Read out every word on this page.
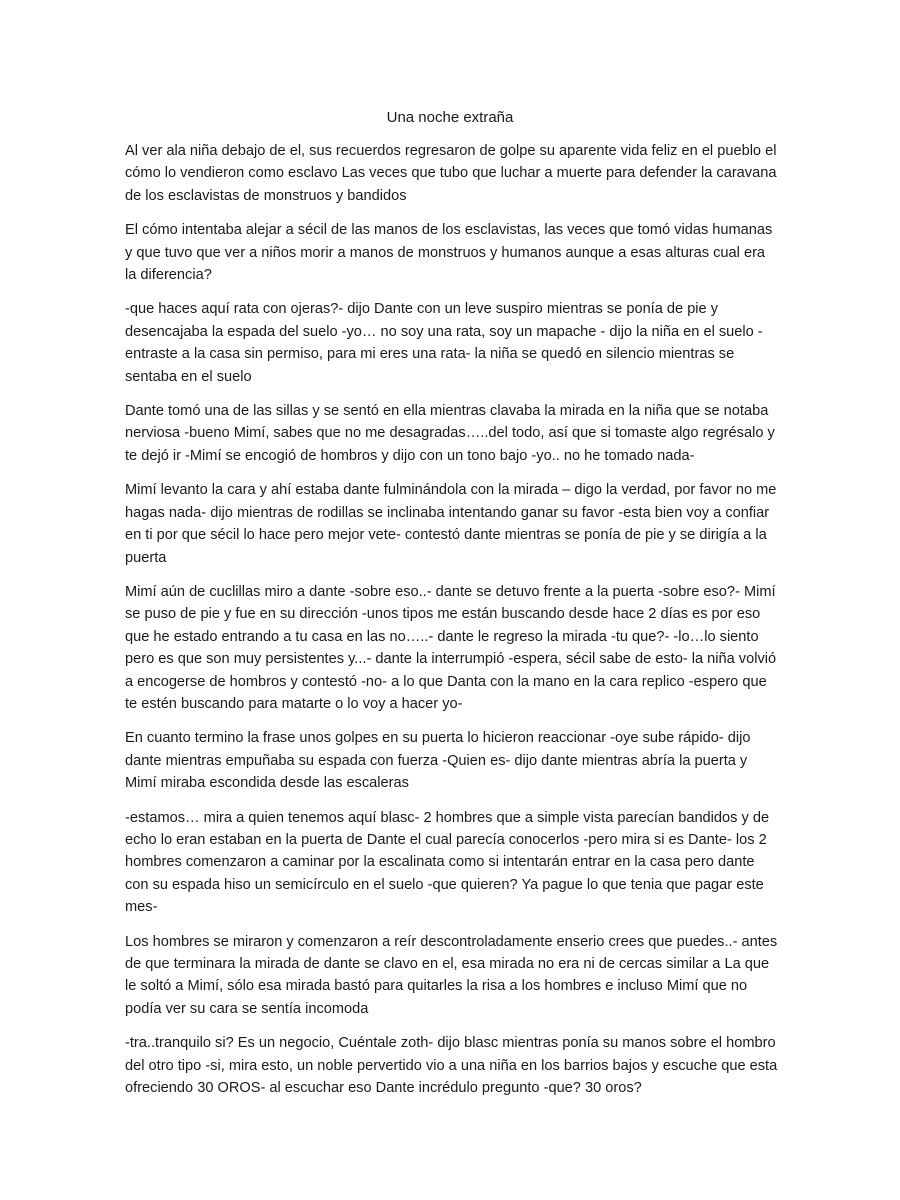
Una noche extraña

Al ver ala niña debajo de el, sus recuerdos regresaron de golpe su aparente vida feliz en el pueblo el cómo lo vendieron como esclavo Las veces que tubo que luchar a muerte para defender la caravana de los esclavistas de monstruos y bandidos

El cómo intentaba alejar a sécil de las manos de los esclavistas, las veces que tomó vidas humanas y que tuvo que ver a niños morir a manos de monstruos y humanos aunque a esas alturas cual era la diferencia?

-que haces aquí rata con ojeras?- dijo Dante con un leve suspiro mientras se ponía de pie y desencajaba la espada del suelo -yo… no soy una rata, soy un mapache - dijo la niña en el suelo -entraste a la casa sin permiso, para mi eres una rata- la niña se quedó en silencio mientras se sentaba en el suelo

Dante tomó una de las sillas y se sentó en ella mientras clavaba la mirada en la niña que se notaba nerviosa -bueno Mimí, sabes que no me desagradas…..del todo, así que si tomaste algo regrésalo y te dejó ir -Mimí se encogió de hombros y dijo con un tono bajo -yo.. no he tomado nada-

Mimí levanto la cara y ahí estaba dante fulminándola con la mirada – digo la verdad, por favor no me hagas nada- dijo mientras de rodillas se inclinaba intentando ganar su favor -esta bien voy a confiar en ti por que sécil lo hace pero mejor vete- contestó dante mientras se ponía de pie y se dirigía a la puerta

Mimí aún de cuclillas miro a dante -sobre eso..- dante se detuvo frente a la puerta -sobre eso?- Mimí se puso de pie y fue en su dirección -unos tipos me están buscando desde hace 2 días es por eso que he estado entrando a tu casa en las no…..- dante le regreso la mirada -tu que?- -lo…lo siento pero es que son muy persistentes y...- dante la interrumpió -espera, sécil sabe de esto- la niña volvió a encogerse de hombros y contestó -no- a lo que Danta con la mano en la cara replico -espero que te estén buscando para matarte o lo voy a hacer yo-

En cuanto termino la frase unos golpes en su puerta lo hicieron reaccionar -oye sube rápido- dijo dante mientras empuñaba su espada con fuerza -Quien es- dijo dante mientras abría la puerta y Mimí miraba escondida desde las escaleras

-estamos… mira a quien tenemos aquí blasc- 2 hombres que a simple vista parecían bandidos y de echo lo eran estaban en la puerta de Dante el cual parecía conocerlos -pero mira si es Dante- los 2 hombres comenzaron a caminar por la escalinata como si intentarán entrar en la casa pero dante con su espada hiso un semicírculo en el suelo -que quieren? Ya pague lo que tenia que pagar este mes-

Los hombres se miraron y comenzaron a reír descontroladamente enserio crees que puedes..- antes de que terminara la mirada de dante se clavo en el, esa mirada no era ni de cercas similar a La que le soltó a Mimí, sólo esa mirada bastó para quitarles la risa a los hombres e incluso Mimí que no podía ver su cara se sentía incomoda

-tra..tranquilo si? Es un negocio, Cuéntale zoth- dijo blasc mientras ponía su manos sobre el hombro del otro tipo -si, mira esto, un noble pervertido vio a una niña en los barrios bajos y escuche que esta ofreciendo 30 OROS- al escuchar eso Dante incrédulo pregunto -que? 30 oros?
